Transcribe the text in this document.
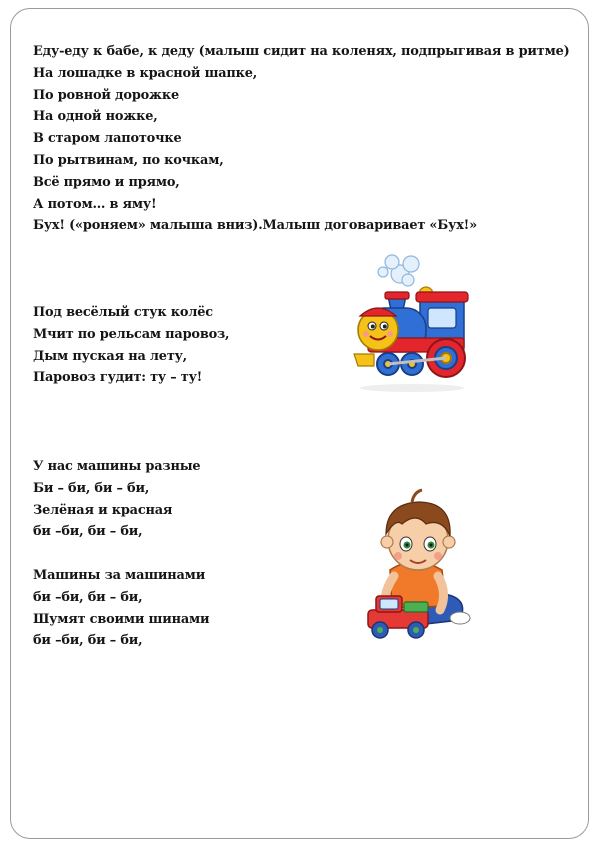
Еду-еду к бабе, к деду (малыш сидит на коленях, подпрыгивая в ритме)
На лошадке в красной шапке,
По ровной дорожке
На одной ножке,
В старом лапоточке
По рытвинам, по кочкам,
Всё прямо и прямо,
А потом… в яму!
Бух! («роняем» малыша вниз).Малыш договаривает «Бух!»
Под весёлый стук колёс
Мчит по рельсам паровоз,
Дым пуская на лету,
Паровоз гудит: ту – ту!
У нас машины разные
Би – би, би – би,
Зелёная и красная
би –би, би – би,
Машины за машинами
би –би, би – би,
Шумят своими шинами
би –би, би – би,
